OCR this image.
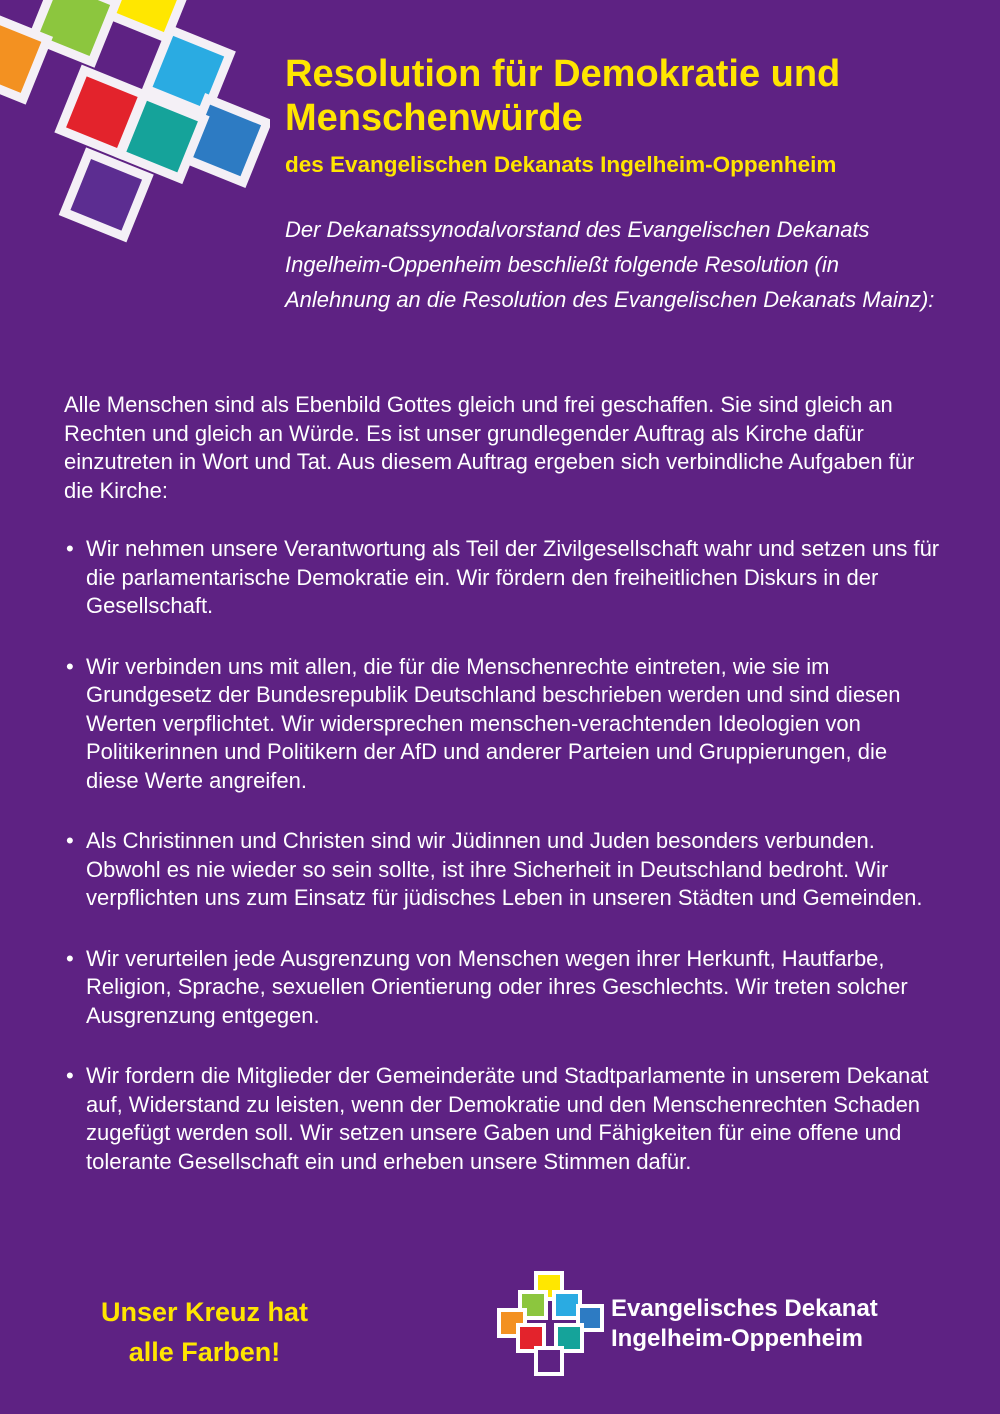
Resolution für Demokratie und Menschenwürde
des Evangelischen Dekanats Ingelheim-Oppenheim

Der Dekanatssynodalvorstand des Evangelischen Dekanats Ingelheim-Oppenheim beschließt folgende Resolution (in Anlehnung an die Resolution des Evangelischen Dekanats Mainz):

Alle Menschen sind als Ebenbild Gottes gleich und frei geschaffen. Sie sind gleich an Rechten und gleich an Würde. Es ist unser grundlegender Auftrag als Kirche dafür einzutreten in Wort und Tat. Aus diesem Auftrag ergeben sich verbindliche Aufgaben für die Kirche:

• Wir nehmen unsere Verantwortung als Teil der Zivilgesellschaft wahr und setzen uns für die parlamentarische Demokratie ein. Wir fördern den freiheitlichen Diskurs in der Gesellschaft.
• Wir verbinden uns mit allen, die für die Menschenrechte eintreten, wie sie im Grundgesetz der Bundesrepublik Deutschland beschrieben werden und sind diesen Werten verpflichtet. Wir widersprechen menschen-verachtenden Ideologien von Politikerinnen und Politikern der AfD und anderer Parteien und Gruppierungen, die diese Werte angreifen.
• Als Christinnen und Christen sind wir Jüdinnen und Juden besonders verbunden. Obwohl es nie wieder so sein sollte, ist ihre Sicherheit in Deutschland bedroht. Wir verpflichten uns zum Einsatz für jüdisches Leben in unseren Städten und Gemeinden.
• Wir verurteilen jede Ausgrenzung von Menschen wegen ihrer Herkunft, Hautfarbe, Religion, Sprache, sexuellen Orientierung oder ihres Geschlechts. Wir treten solcher Ausgrenzung entgegen.
• Wir fordern die Mitglieder der Gemeinderäte und Stadtparlamente in unserem Dekanat auf, Widerstand zu leisten, wenn der Demokratie und den Menschenrechten Schaden zugefügt werden soll. Wir setzen unsere Gaben und Fähigkeiten für eine offene und tolerante Gesellschaft ein und erheben unsere Stimmen dafür.
Unser Kreuz hat
alle Farben!
Evangelisches Dekanat
Ingelheim-Oppenheim
